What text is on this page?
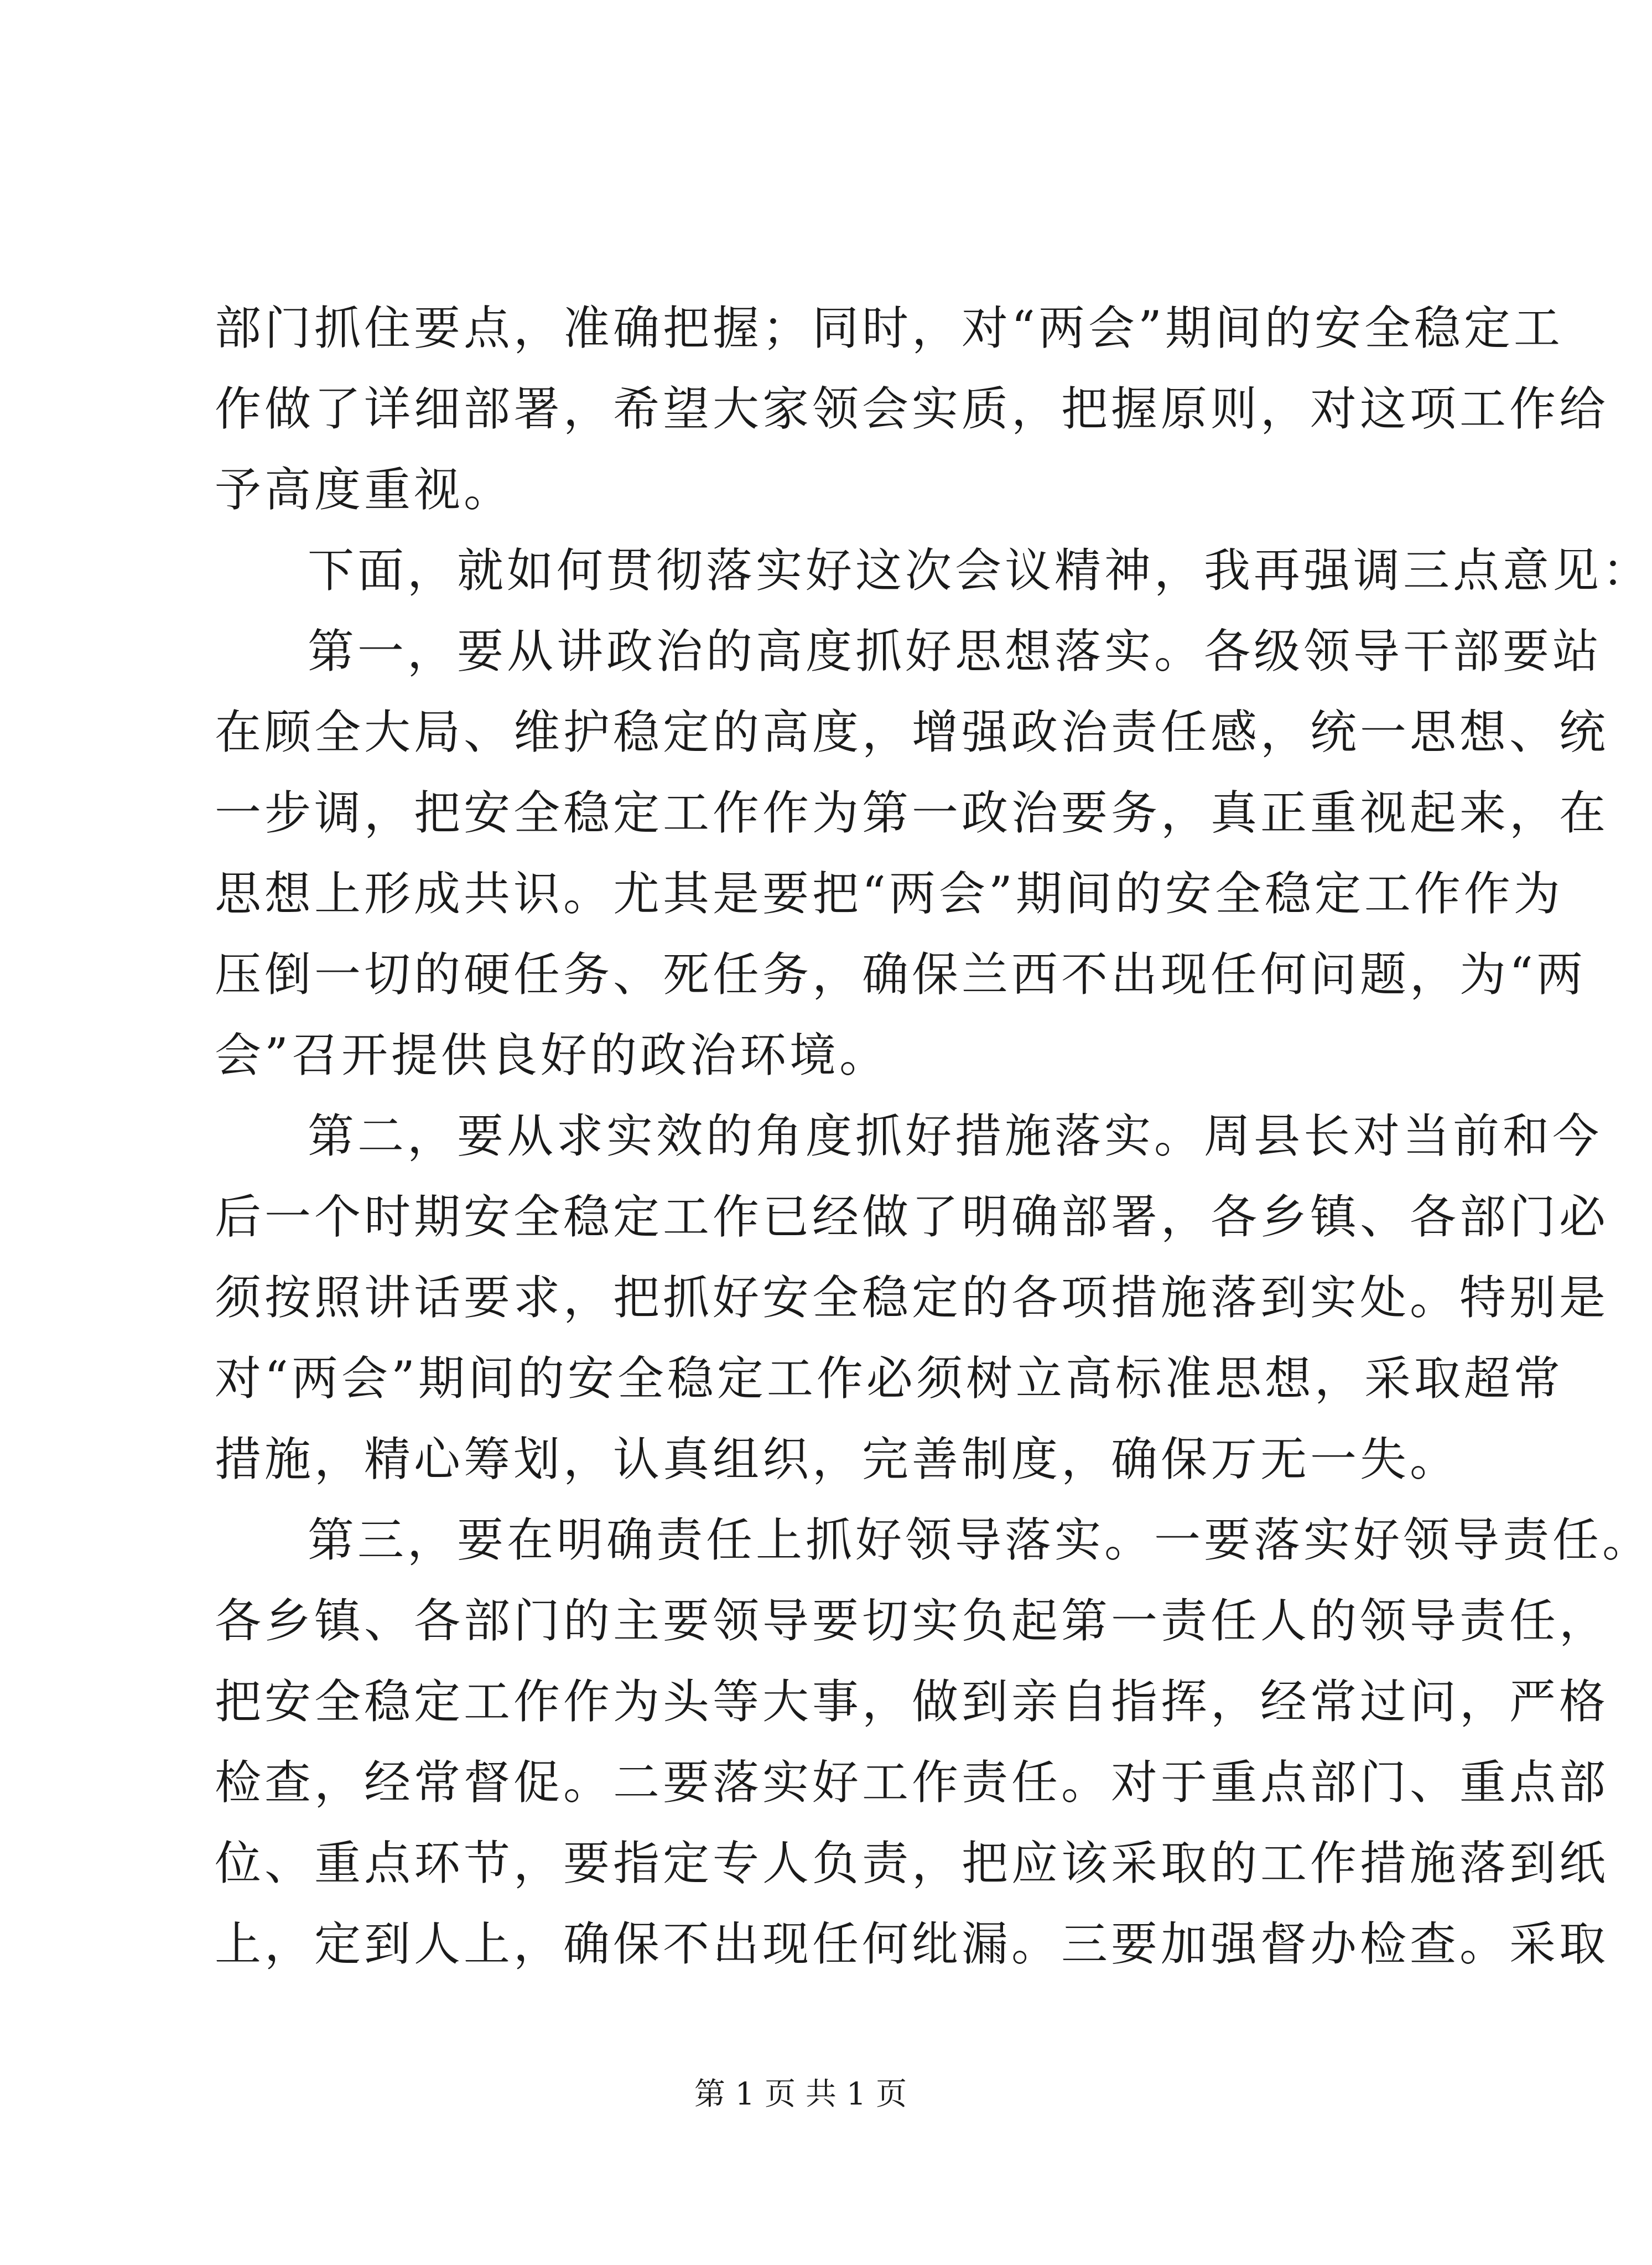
部门抓住要点，准确把握；同时，对“两会”期间的安全稳定工
作做了详细部署，希望大家领会实质，把握原则，对这项工作给
予高度重视。
下面，就如何贯彻落实好这次会议精神，我再强调三点意见：
第一，要从讲政治的高度抓好思想落实。各级领导干部要站
在顾全大局、维护稳定的高度，增强政治责任感，统一思想、统
一步调，把安全稳定工作作为第一政治要务，真正重视起来，在
思想上形成共识。尤其是要把“两会”期间的安全稳定工作作为
压倒一切的硬任务、死任务，确保兰西不出现任何问题，为“两
会”召开提供良好的政治环境。
第二，要从求实效的角度抓好措施落实。周县长对当前和今
后一个时期安全稳定工作已经做了明确部署，各乡镇、各部门必
须按照讲话要求，把抓好安全稳定的各项措施落到实处。特别是
对“两会”期间的安全稳定工作必须树立高标准思想，采取超常
措施，精心筹划，认真组织，完善制度，确保万无一失。
第三，要在明确责任上抓好领导落实。一要落实好领导责任。
各乡镇、各部门的主要领导要切实负起第一责任人的领导责任，
把安全稳定工作作为头等大事，做到亲自指挥，经常过问，严格
检查，经常督促。二要落实好工作责任。对于重点部门、重点部
位、重点环节，要指定专人负责，把应该采取的工作措施落到纸
上，定到人上，确保不出现任何纰漏。三要加强督办检查。采取
第 1 页 共 1 页
